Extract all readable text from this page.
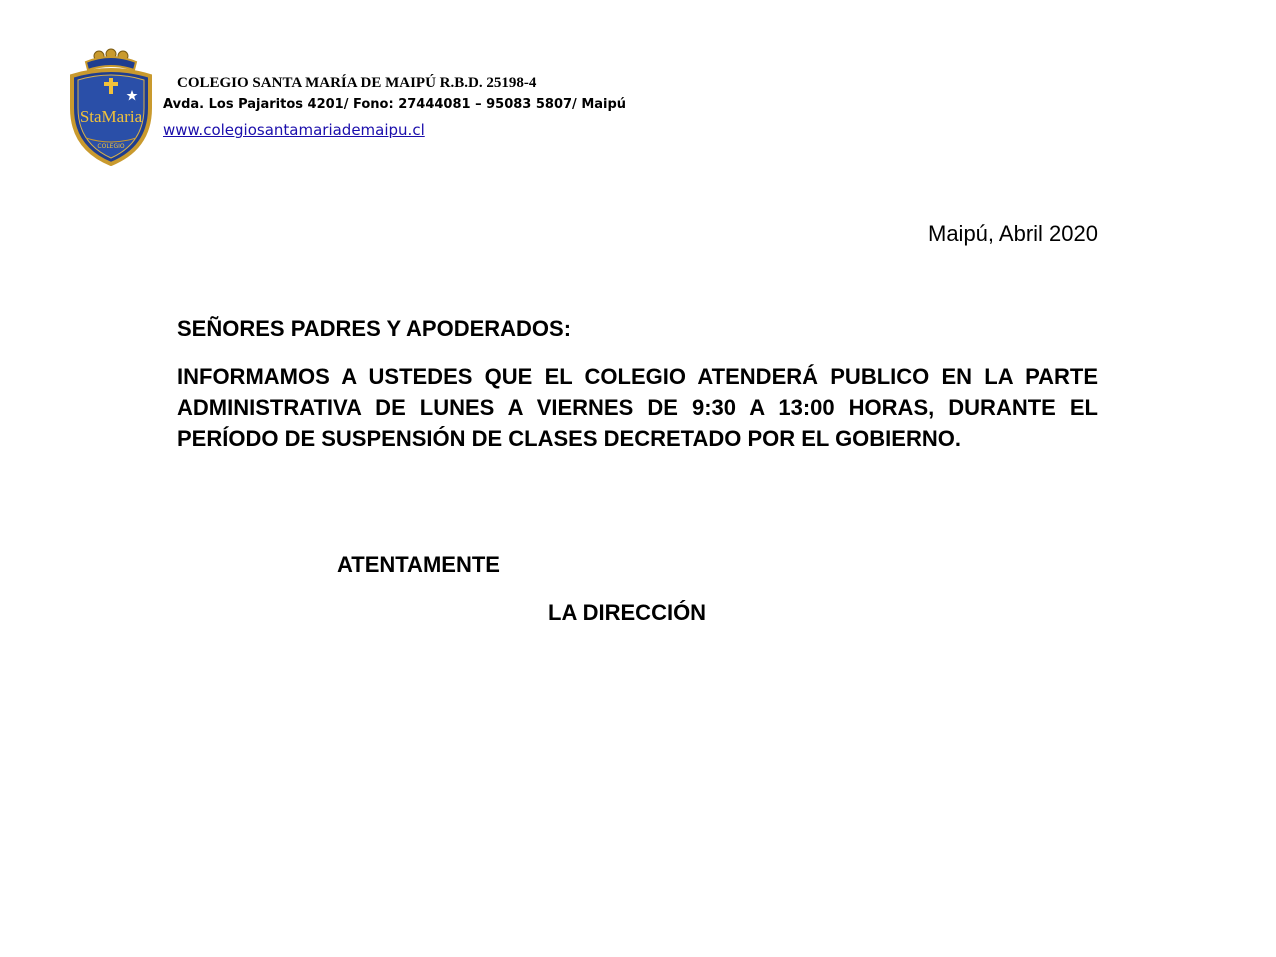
StaMaria
COLEGIO
COLEGIO SANTA MARÍA DE MAIPÚ R.B.D. 25198-4
Avda. Los Pajaritos 4201/ Fono: 27444081 – 95083 5807/ Maipú
www.colegiosantamariademaipu.cl
Maipú, Abril 2020
SEÑORES PADRES Y APODERADOS:
INFORMAMOS A USTEDES QUE EL COLEGIO ATENDERÁ PUBLICO EN LA PARTE ADMINISTRATIVA DE LUNES A VIERNES DE 9:30 A 13:00 HORAS, DURANTE EL PERÍODO DE SUSPENSIÓN DE CLASES DECRETADO POR EL GOBIERNO.
ATENTAMENTE
LA DIRECCIÓN
